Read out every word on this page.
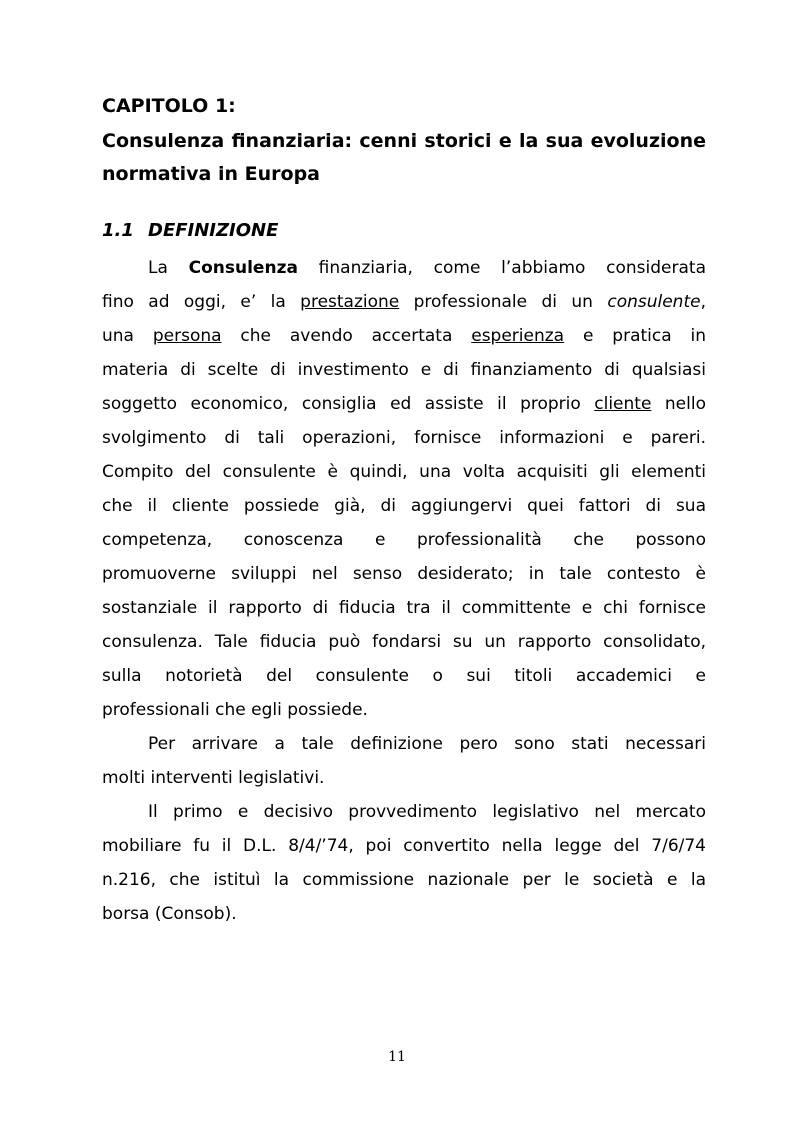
CAPITOLO 1:
Consulenza finanziaria: cenni storici e la sua evoluzione normativa in Europa
1.1 DEFINIZIONE

La Consulenza finanziaria, come l’abbiamo considerata
fino ad oggi, e’ la prestazione professionale di un consulente,
una persona che avendo accertata esperienza e pratica in
materia di scelte di investimento e di finanziamento di qualsiasi
soggetto economico, consiglia ed assiste il proprio cliente nello
svolgimento di tali operazioni, fornisce informazioni e pareri.
Compito del consulente è quindi, una volta acquisiti gli elementi
che il cliente possiede già, di aggiungervi quei fattori di sua
competenza, conoscenza e professionalità che possono
promuoverne sviluppi nel senso desiderato; in tale contesto è
sostanziale il rapporto di fiducia tra il committente e chi fornisce
consulenza. Tale fiducia può fondarsi su un rapporto consolidato,
sulla notorietà del consulente o sui titoli accademici e
professionali che egli possiede.

Per arrivare a tale definizione pero sono stati necessari
molti interventi legislativi.

Il primo e decisivo provvedimento legislativo nel mercato
mobiliare fu il D.L. 8/4/’74, poi convertito nella legge del 7/6/74
n.216, che istituì la commissione nazionale per le società e la
borsa (Consob).

11
